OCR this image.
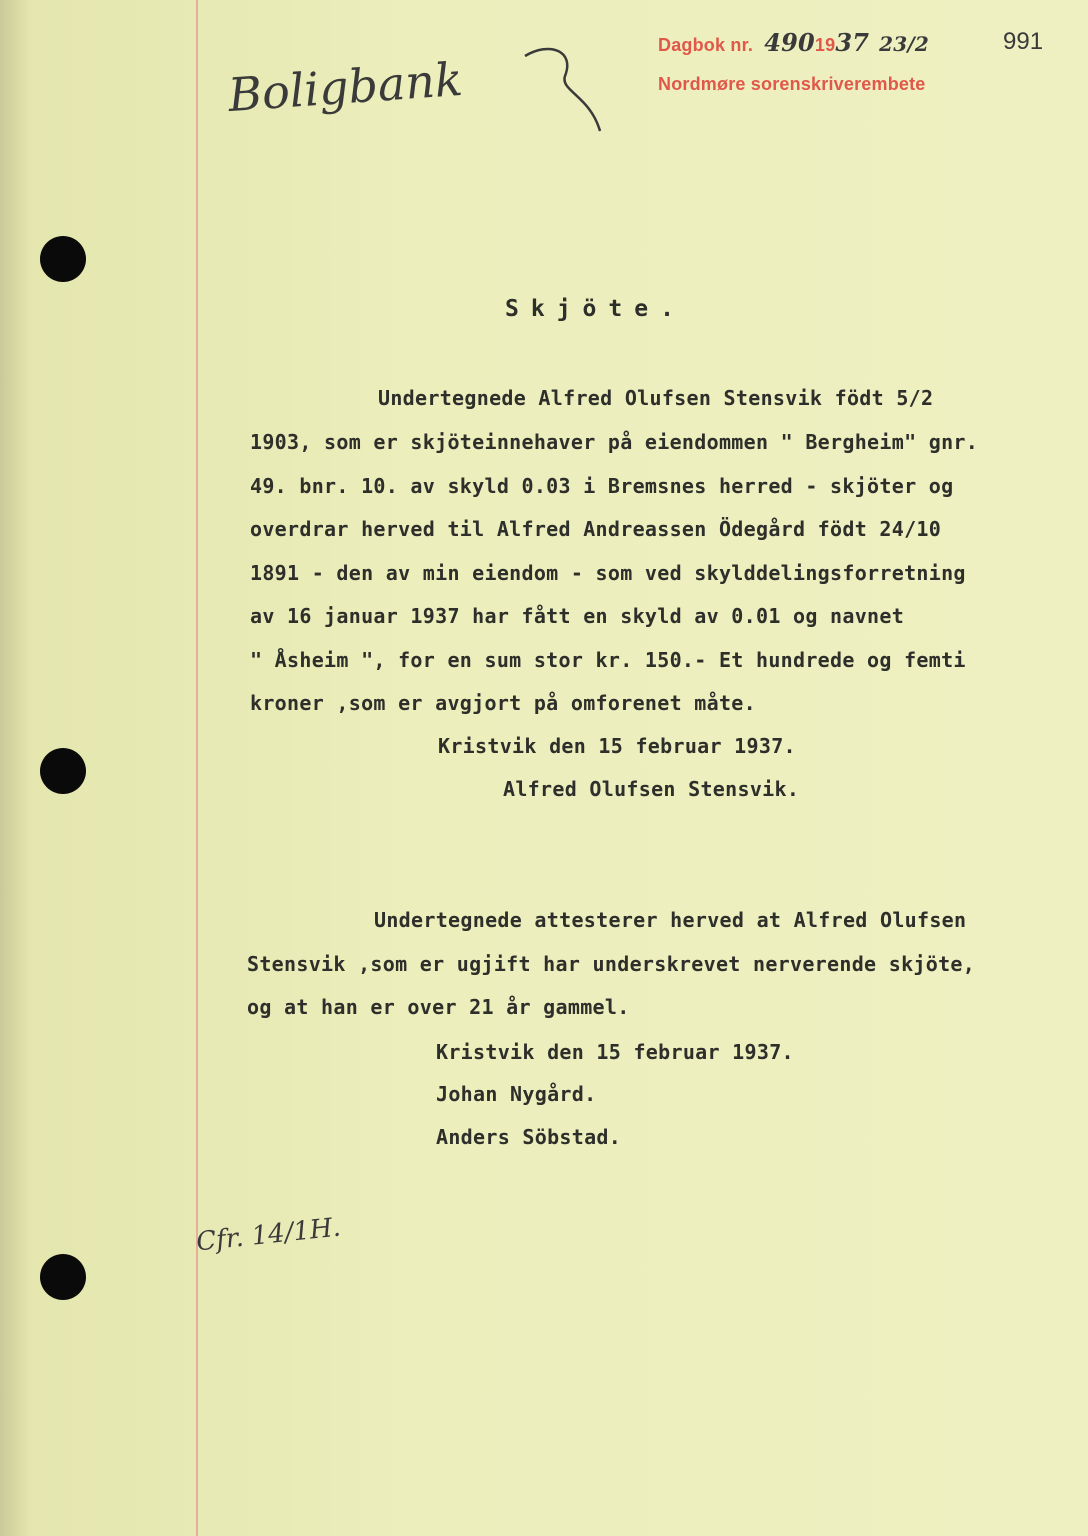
Boligbank
Dagbok nr. 4901937 23/2
Nordmøre sorenskriverembete
991
Skjöte.
Undertegnede Alfred Olufsen Stensvik födt 5/2
1903, som er skjöteinnehaver på eiendommen " Bergheim" gnr.
49. bnr. 10. av skyld 0.03 i Bremsnes herred - skjöter og
overdrar herved til Alfred Andreassen Ödegård födt 24/10
1891 - den av min eiendom - som ved skylddelingsforretning
av 16 januar 1937 har fått en skyld av 0.01 og navnet
" Åsheim ", for en sum stor kr. 150.- Et hundrede og femti
kroner ,som er avgjort på omforenet måte.
Kristvik den 15 februar 1937.
Alfred Olufsen Stensvik.
Undertegnede attesterer herved at Alfred Olufsen
Stensvik ,som er ugjift har underskrevet nerverende skjöte,
og at han er over 21 år gammel.
Kristvik den 15 februar 1937.
Johan Nygård.
Anders Söbstad.
Cfr. 14/1H.
